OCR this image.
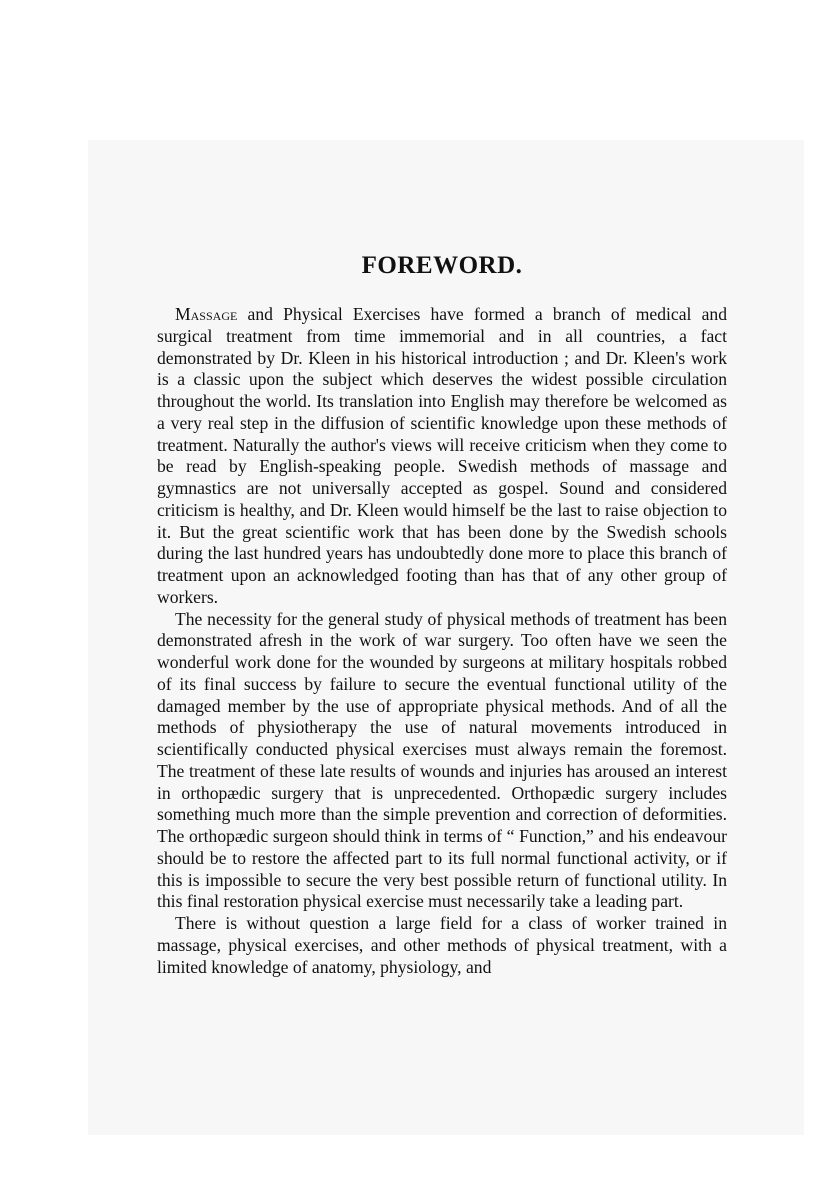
FOREWORD.

Massage and Physical Exercises have formed a branch of medical and surgical treatment from time immemorial and in all countries, a fact demonstrated by Dr. Kleen in his historical introduction ; and Dr. Kleen's work is a classic upon the subject which deserves the widest possible circulation throughout the world. Its translation into English may therefore be welcomed as a very real step in the diffusion of scientific knowledge upon these methods of treatment. Naturally the author's views will receive criticism when they come to be read by English-speaking people. Swedish methods of massage and gymnastics are not universally accepted as gospel. Sound and considered criticism is healthy, and Dr. Kleen would himself be the last to raise objection to it. But the great scientific work that has been done by the Swedish schools during the last hundred years has undoubtedly done more to place this branch of treatment upon an acknowledged footing than has that of any other group of workers.

The necessity for the general study of physical methods of treatment has been demonstrated afresh in the work of war surgery. Too often have we seen the wonderful work done for the wounded by surgeons at military hospitals robbed of its final success by failure to secure the eventual functional utility of the damaged member by the use of appropriate physical methods. And of all the methods of physiotherapy the use of natural movements introduced in scientifically conducted physical exercises must always remain the foremost. The treatment of these late results of wounds and injuries has aroused an interest in orthopædic surgery that is unprecedented. Orthopædic surgery includes something much more than the simple prevention and correction of deformities. The orthopædic surgeon should think in terms of “ Function,” and his endeavour should be to restore the affected part to its full normal functional activity, or if this is impossible to secure the very best possible return of functional utility. In this final restoration physical exercise must necessarily take a leading part.

There is without question a large field for a class of worker trained in massage, physical exercises, and other methods of physical treatment, with a limited knowledge of anatomy, physiology, and
